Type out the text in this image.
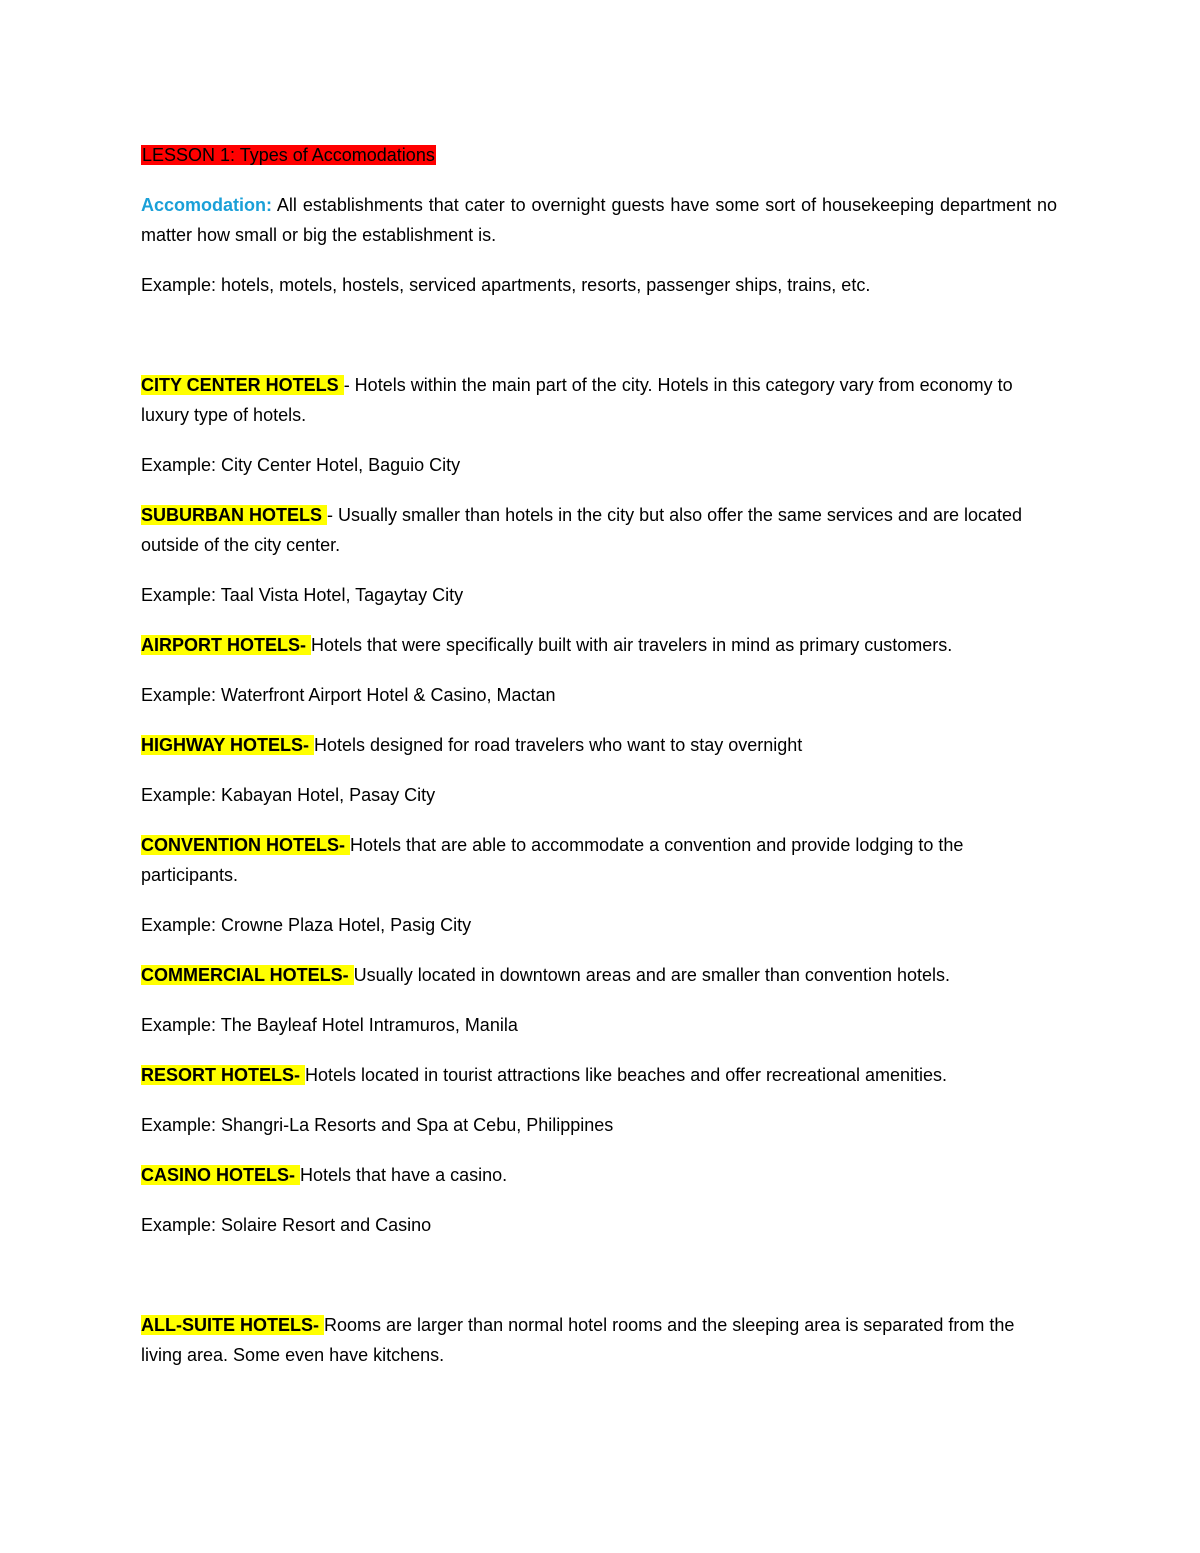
LESSON 1: Types of Accomodations

Accomodation: All establishments that cater to overnight guests have some sort of housekeeping department no matter how small or big the establishment is.

Example: hotels, motels, hostels, serviced apartments, resorts, passenger ships, trains, etc.

CITY CENTER HOTELS - Hotels within the main part of the city. Hotels in this category vary from economy to luxury type of hotels.

Example: City Center Hotel, Baguio City

SUBURBAN HOTELS - Usually smaller than hotels in the city but also offer the same services and are located outside of the city center.

Example: Taal Vista Hotel, Tagaytay City

AIRPORT HOTELS- Hotels that were specifically built with air travelers in mind as primary customers.

Example: Waterfront Airport Hotel & Casino, Mactan

HIGHWAY HOTELS- Hotels designed for road travelers who want to stay overnight

Example: Kabayan Hotel, Pasay City

CONVENTION HOTELS- Hotels that are able to accommodate a convention and provide lodging to the participants.

Example: Crowne Plaza Hotel, Pasig City

COMMERCIAL HOTELS- Usually located in downtown areas and are smaller than convention hotels.

Example: The Bayleaf Hotel Intramuros, Manila

RESORT HOTELS- Hotels located in tourist attractions like beaches and offer recreational amenities.

Example: Shangri-La Resorts and Spa at Cebu, Philippines

CASINO HOTELS- Hotels that have a casino.

Example: Solaire Resort and Casino

ALL-SUITE HOTELS- Rooms are larger than normal hotel rooms and the sleeping area is separated from the living area. Some even have kitchens.
